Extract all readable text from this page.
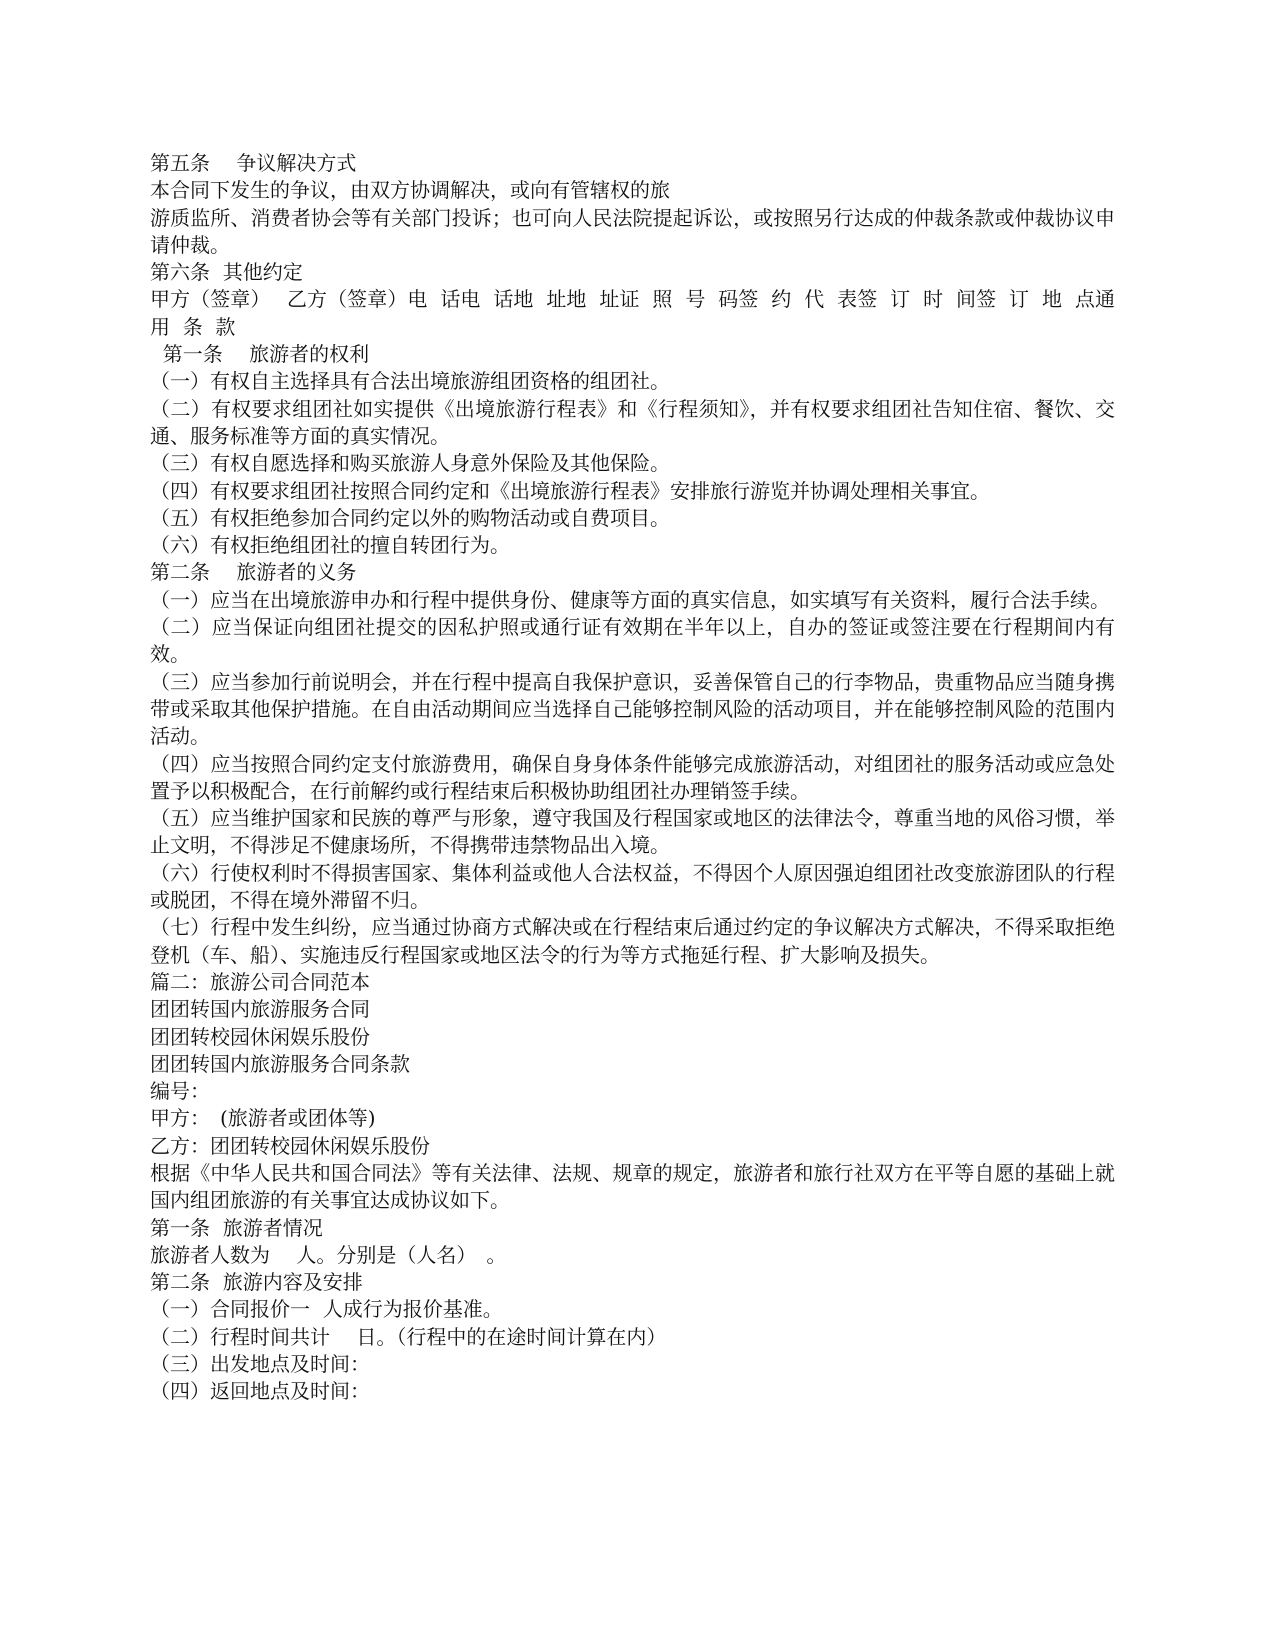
第五条　 争议解决方式

本合同下发生的争议，由双方协调解决，或向有管辖权的旅

游质监所、消费者协会等有关部门投诉；也可向人民法院提起诉讼，或按照另行达成的仲裁条款或仲裁协议申请仲裁。

第六条  其他约定

甲方（签章）　 乙方（签章）电  话电  话地  址地  址证  照  号  码签  约  代  表签  订  时  间签  订  地  点通  用  条  款

第一条　 旅游者的权利

（一）有权自主选择具有合法出境旅游组团资格的组团社。

（二）有权要求组团社如实提供《出境旅游行程表》和《行程须知》，并有权要求组团社告知住宿、餐饮、交通、服务标准等方面的真实情况。

（三）有权自愿选择和购买旅游人身意外保险及其他保险。

（四）有权要求组团社按照合同约定和《出境旅游行程表》安排旅行游览并协调处理相关事宜。

（五）有权拒绝参加合同约定以外的购物活动或自费项目。

（六）有权拒绝组团社的擅自转团行为。

第二条　 旅游者的义务

（一）应当在出境旅游申办和行程中提供身份、健康等方面的真实信息，如实填写有关资料，履行合法手续。

（二）应当保证向组团社提交的因私护照或通行证有效期在半年以上，自办的签证或签注要在行程期间内有效。

（三）应当参加行前说明会，并在行程中提高自我保护意识，妥善保管自己的行李物品，贵重物品应当随身携带或采取其他保护措施。在自由活动期间应当选择自己能够控制风险的活动项目，并在能够控制风险的范围内活动。

（四）应当按照合同约定支付旅游费用，确保自身身体条件能够完成旅游活动，对组团社的服务活动或应急处置予以积极配合，在行前解约或行程结束后积极协助组团社办理销签手续。

（五）应当维护国家和民族的尊严与形象，遵守我国及行程国家或地区的法律法令，尊重当地的风俗习惯，举止文明，不得涉足不健康场所，不得携带违禁物品出入境。

（六）行使权利时不得损害国家、集体利益或他人合法权益，不得因个人原因强迫组团社改变旅游团队的行程或脱团，不得在境外滞留不归。

（七）行程中发生纠纷，应当通过协商方式解决或在行程结束后通过约定的争议解决方式解决，不得采取拒绝登机（车、船）、实施违反行程国家或地区法令的行为等方式拖延行程、扩大影响及损失。

篇二：旅游公司合同范本

团团转国内旅游服务合同

团团转校园休闲娱乐股份

团团转国内旅游服务合同条款

编号：

甲方：　(旅游者或团体等)

乙方：团团转校园休闲娱乐股份

根据《中华人民共和国合同法》等有关法律、法规、规章的规定，旅游者和旅行社双方在平等自愿的基础上就国内组团旅游的有关事宜达成协议如下。

第一条  旅游者情况

旅游者人数为　 人。分别是（人名）　。

第二条  旅游内容及安排

（一）合同报价一  人成行为报价基准。

（二）行程时间共计　 日。（行程中的在途时间计算在内）

（三）出发地点及时间：

（四）返回地点及时间：
